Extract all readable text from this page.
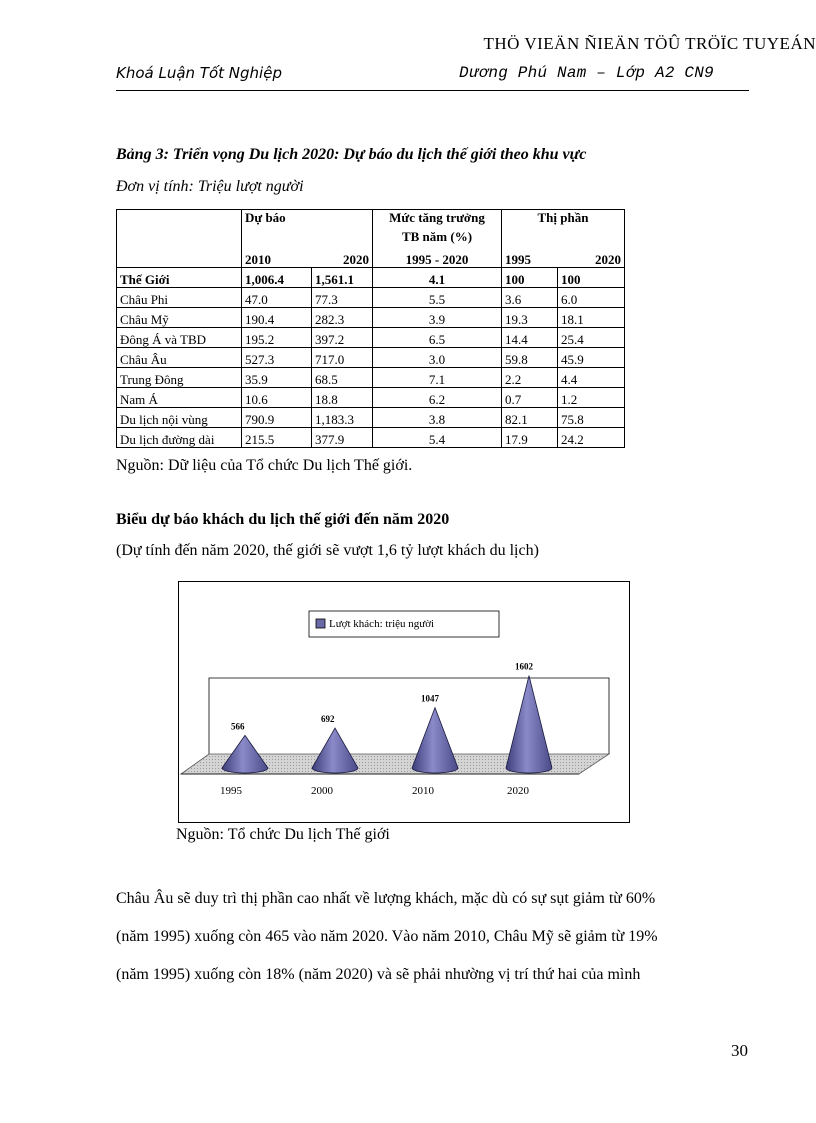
THÖ VIEÄN ÑIEÄN TÖÛ TRÖÏC TUYEÁN
Khoá Luận Tốt Nghiệp	Dương Phú Nam – Lớp A2 CN9
Bảng 3: Triển vọng Du lịch 2020: Dự báo du lịch thế giới theo khu vực
Đơn vị tính: Triệu lượt người
	Dự báo		Mức tăng trưởng	Thị phần	
			TB năm (%)		
	2010	2020	1995 - 2020	1995	2020
Thế Giới	1,006.4	1,561.1	4.1	100	100
Châu Phi	47.0	77.3	5.5	3.6	6.0
Châu Mỹ	190.4	282.3	3.9	19.3	18.1
Đông Á và TBD	195.2	397.2	6.5	14.4	25.4
Châu Âu	527.3	717.0	3.0	59.8	45.9
Trung Đông	35.9	68.5	7.1	2.2	4.4
Nam Á	10.6	18.8	6.2	0.7	1.2
Du lịch nội vùng	790.9	1,183.3	3.8	82.1	75.8
Du lịch đường dài	215.5	377.9	5.4	17.9	24.2
Nguồn: Dữ liệu của Tổ chức Du lịch Thế giới.
Biểu dự báo khách du lịch thế giới đến năm 2020
(Dự tính đến năm 2020, thế giới sẽ vượt 1,6 tỷ lượt khách du lịch)
Lượt khách: triệu người
566
1995
692
2000
1047
2010
1602
2020
Nguồn: Tổ chức Du lịch Thế giới
Châu Âu sẽ duy trì thị phần cao nhất về lượng khách, mặc dù có sự sụt giảm từ 60%
(năm 1995) xuống còn 465 vào năm 2020. Vào năm 2010, Châu Mỹ sẽ giảm từ 19%
(năm 1995) xuống còn 18% (năm 2020) và sẽ phải nhường vị trí thứ hai của mình
30
